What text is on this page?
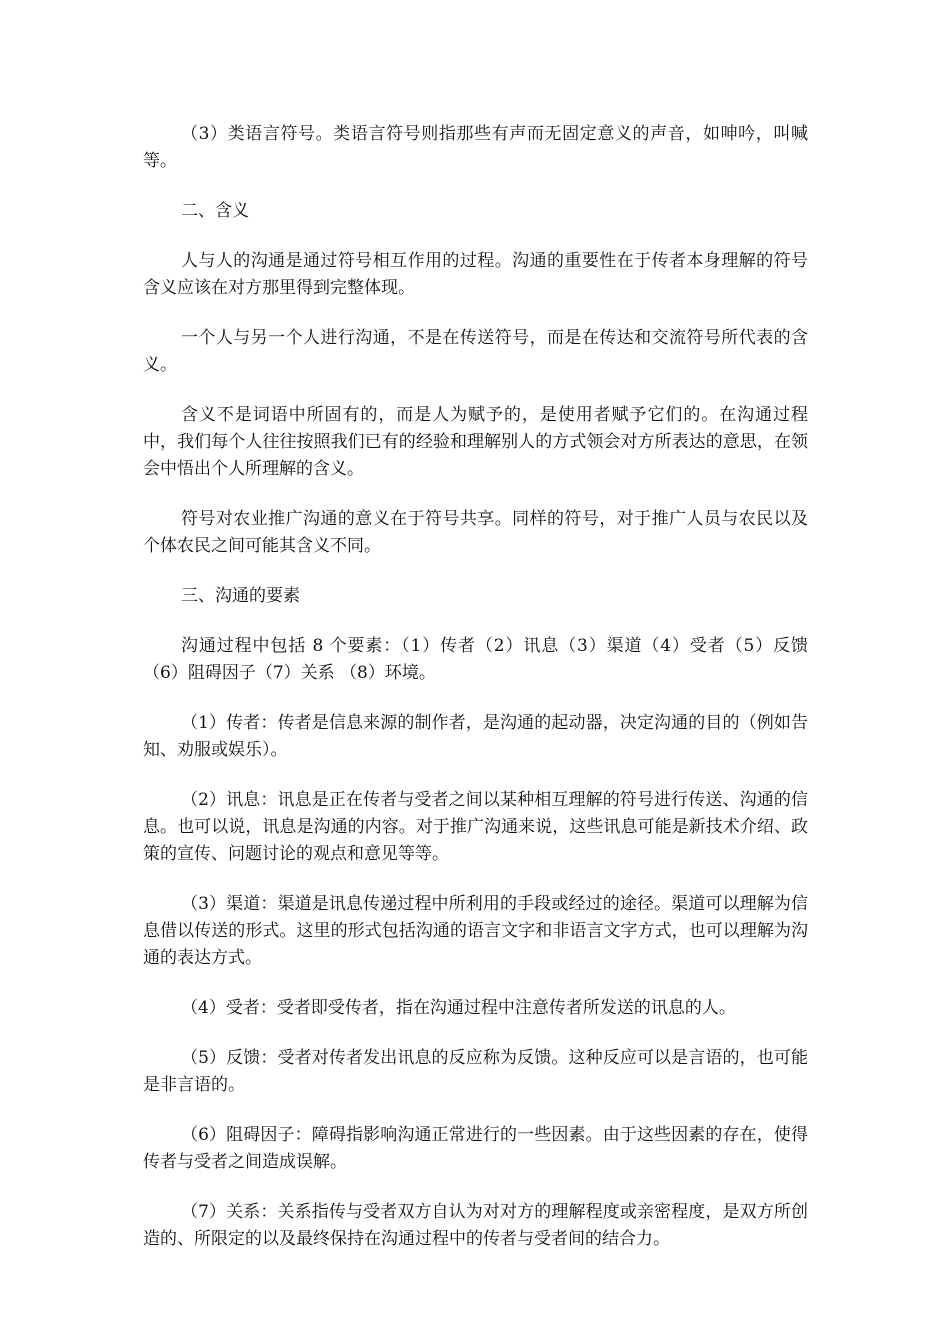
（3）类语言符号。类语言符号则指那些有声而无固定意义的声音，如呻吟，叫喊等。

二、含义

人与人的沟通是通过符号相互作用的过程。沟通的重要性在于传者本身理解的符号含义应该在对方那里得到完整体现。

一个人与另一个人进行沟通，不是在传送符号，而是在传达和交流符号所代表的含义。

含义不是词语中所固有的，而是人为赋予的，是使用者赋予它们的。在沟通过程中，我们每个人往往按照我们已有的经验和理解别人的方式领会对方所表达的意思，在领会中悟出个人所理解的含义。

符号对农业推广沟通的意义在于符号共享。同样的符号，对于推广人员与农民以及个体农民之间可能其含义不同。

三、沟通的要素

沟通过程中包括 8 个要素：（1）传者（2）讯息（3）渠道（4）受者（5）反馈（6）阻碍因子（7）关系 （8）环境。

（1）传者：传者是信息来源的制作者，是沟通的起动器，决定沟通的目的（例如告知、劝服或娱乐）。

（2）讯息：讯息是正在传者与受者之间以某种相互理解的符号进行传送、沟通的信息。也可以说，讯息是沟通的内容。对于推广沟通来说，这些讯息可能是新技术介绍、政策的宣传、问题讨论的观点和意见等等。

（3）渠道：渠道是讯息传递过程中所利用的手段或经过的途径。渠道可以理解为信息借以传送的形式。这里的形式包括沟通的语言文字和非语言文字方式，也可以理解为沟通的表达方式。

（4）受者：受者即受传者，指在沟通过程中注意传者所发送的讯息的人。

（5）反馈：受者对传者发出讯息的反应称为反馈。这种反应可以是言语的，也可能是非言语的。

（6）阻碍因子：障碍指影响沟通正常进行的一些因素。由于这些因素的存在，使得传者与受者之间造成误解。

（7）关系：关系指传与受者双方自认为对对方的理解程度或亲密程度，是双方所创造的、所限定的以及最终保持在沟通过程中的传者与受者间的结合力。
